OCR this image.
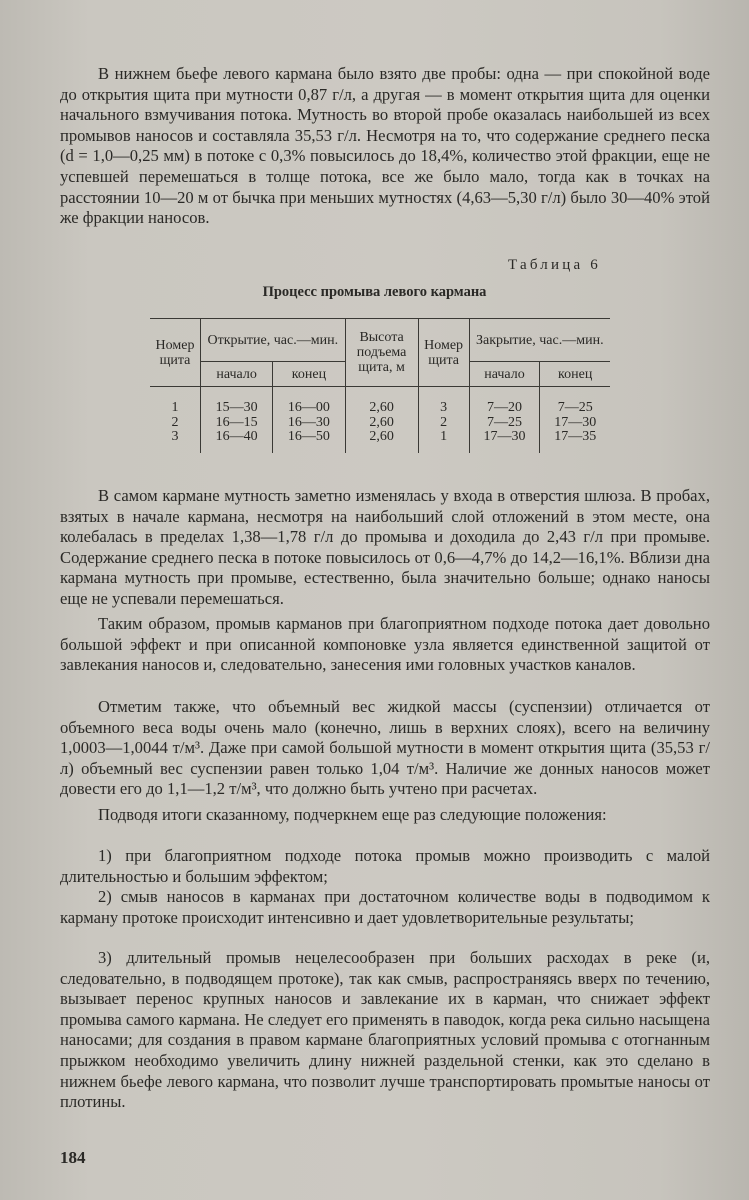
В нижнем бьефе левого кармана было взято две пробы: одна — при спокойной воде до открытия щита при мутности 0,87 г/л, а другая — в момент открытия щита для оценки начального взмучивания потока. Мутность во второй пробе оказалась наибольшей из всех промывов наносов и составляла 35,53 г/л. Несмотря на то, что содержание среднего песка (d = 1,0—0,25 мм) в потоке с 0,3% повысилось до 18,4%, количество этой фракции, еще не успевшей перемешаться в толще потока, все же было мало, тогда как в точках на расстоянии 10—20 м от бычка при меньших мутностях (4,63—5,30 г/л) было 30—40% этой же фракции наносов.

Таблица 6
Процесс промыва левого кармана
Номер щита	Открытие, час.—мин.		Высота подъема щита, м	Номер щита	Закрытие, час.—мин.	
	начало	конец			начало	конец
1	15—30	16—00	2,60	3	7—20	7—25
2	16—15	16—30	2,60	2	7—25	17—30
3	16—40	16—50	2,60	1	17—30	17—35

В самом кармане мутность заметно изменялась у входа в отверстия шлюза. В пробах, взятых в начале кармана, несмотря на наибольший слой отложений в этом месте, она колебалась в пределах 1,38—1,78 г/л до промыва и доходила до 2,43 г/л при промыве. Содержание среднего песка в потоке повысилось от 0,6—4,7% до 14,2—16,1%. Вблизи дна кармана мутность при промыве, естественно, была значительно больше; однако наносы еще не успевали перемешаться.

Таким образом, промыв карманов при благоприятном подходе потока дает довольно большой эффект и при описанной компоновке узла является единственной защитой от завлекания наносов и, следовательно, занесения ими головных участков каналов.

Отметим также, что объемный вес жидкой массы (суспензии) отличается от объемного веса воды очень мало (конечно, лишь в верхних слоях), всего на величину 1,0003—1,0044 т/м³. Даже при самой большой мутности в момент открытия щита (35,53 г/л) объемный вес суспензии равен только 1,04 т/м³. Наличие же донных наносов может довести его до 1,1—1,2 т/м³, что должно быть учтено при расчетах.

Подводя итоги сказанному, подчеркнем еще раз следующие положения:

1) при благоприятном подходе потока промыв можно производить с малой длительностью и большим эффектом;

2) смыв наносов в карманах при достаточном количестве воды в подводимом к карману протоке происходит интенсивно и дает удовлетворительные результаты;

3) длительный промыв нецелесообразен при больших расходах в реке (и, следовательно, в подводящем протоке), так как смыв, распространяясь вверх по течению, вызывает перенос крупных наносов и завлекание их в карман, что снижает эффект промыва самого кармана. Не следует его применять в паводок, когда река сильно насыщена наносами; для создания в правом кармане благоприятных условий промыва с отогнанным прыжком необходимо увеличить длину нижней раздельной стенки, как это сделано в нижнем бьефе левого кармана, что позволит лучше транспортировать промытые наносы от плотины.

184
